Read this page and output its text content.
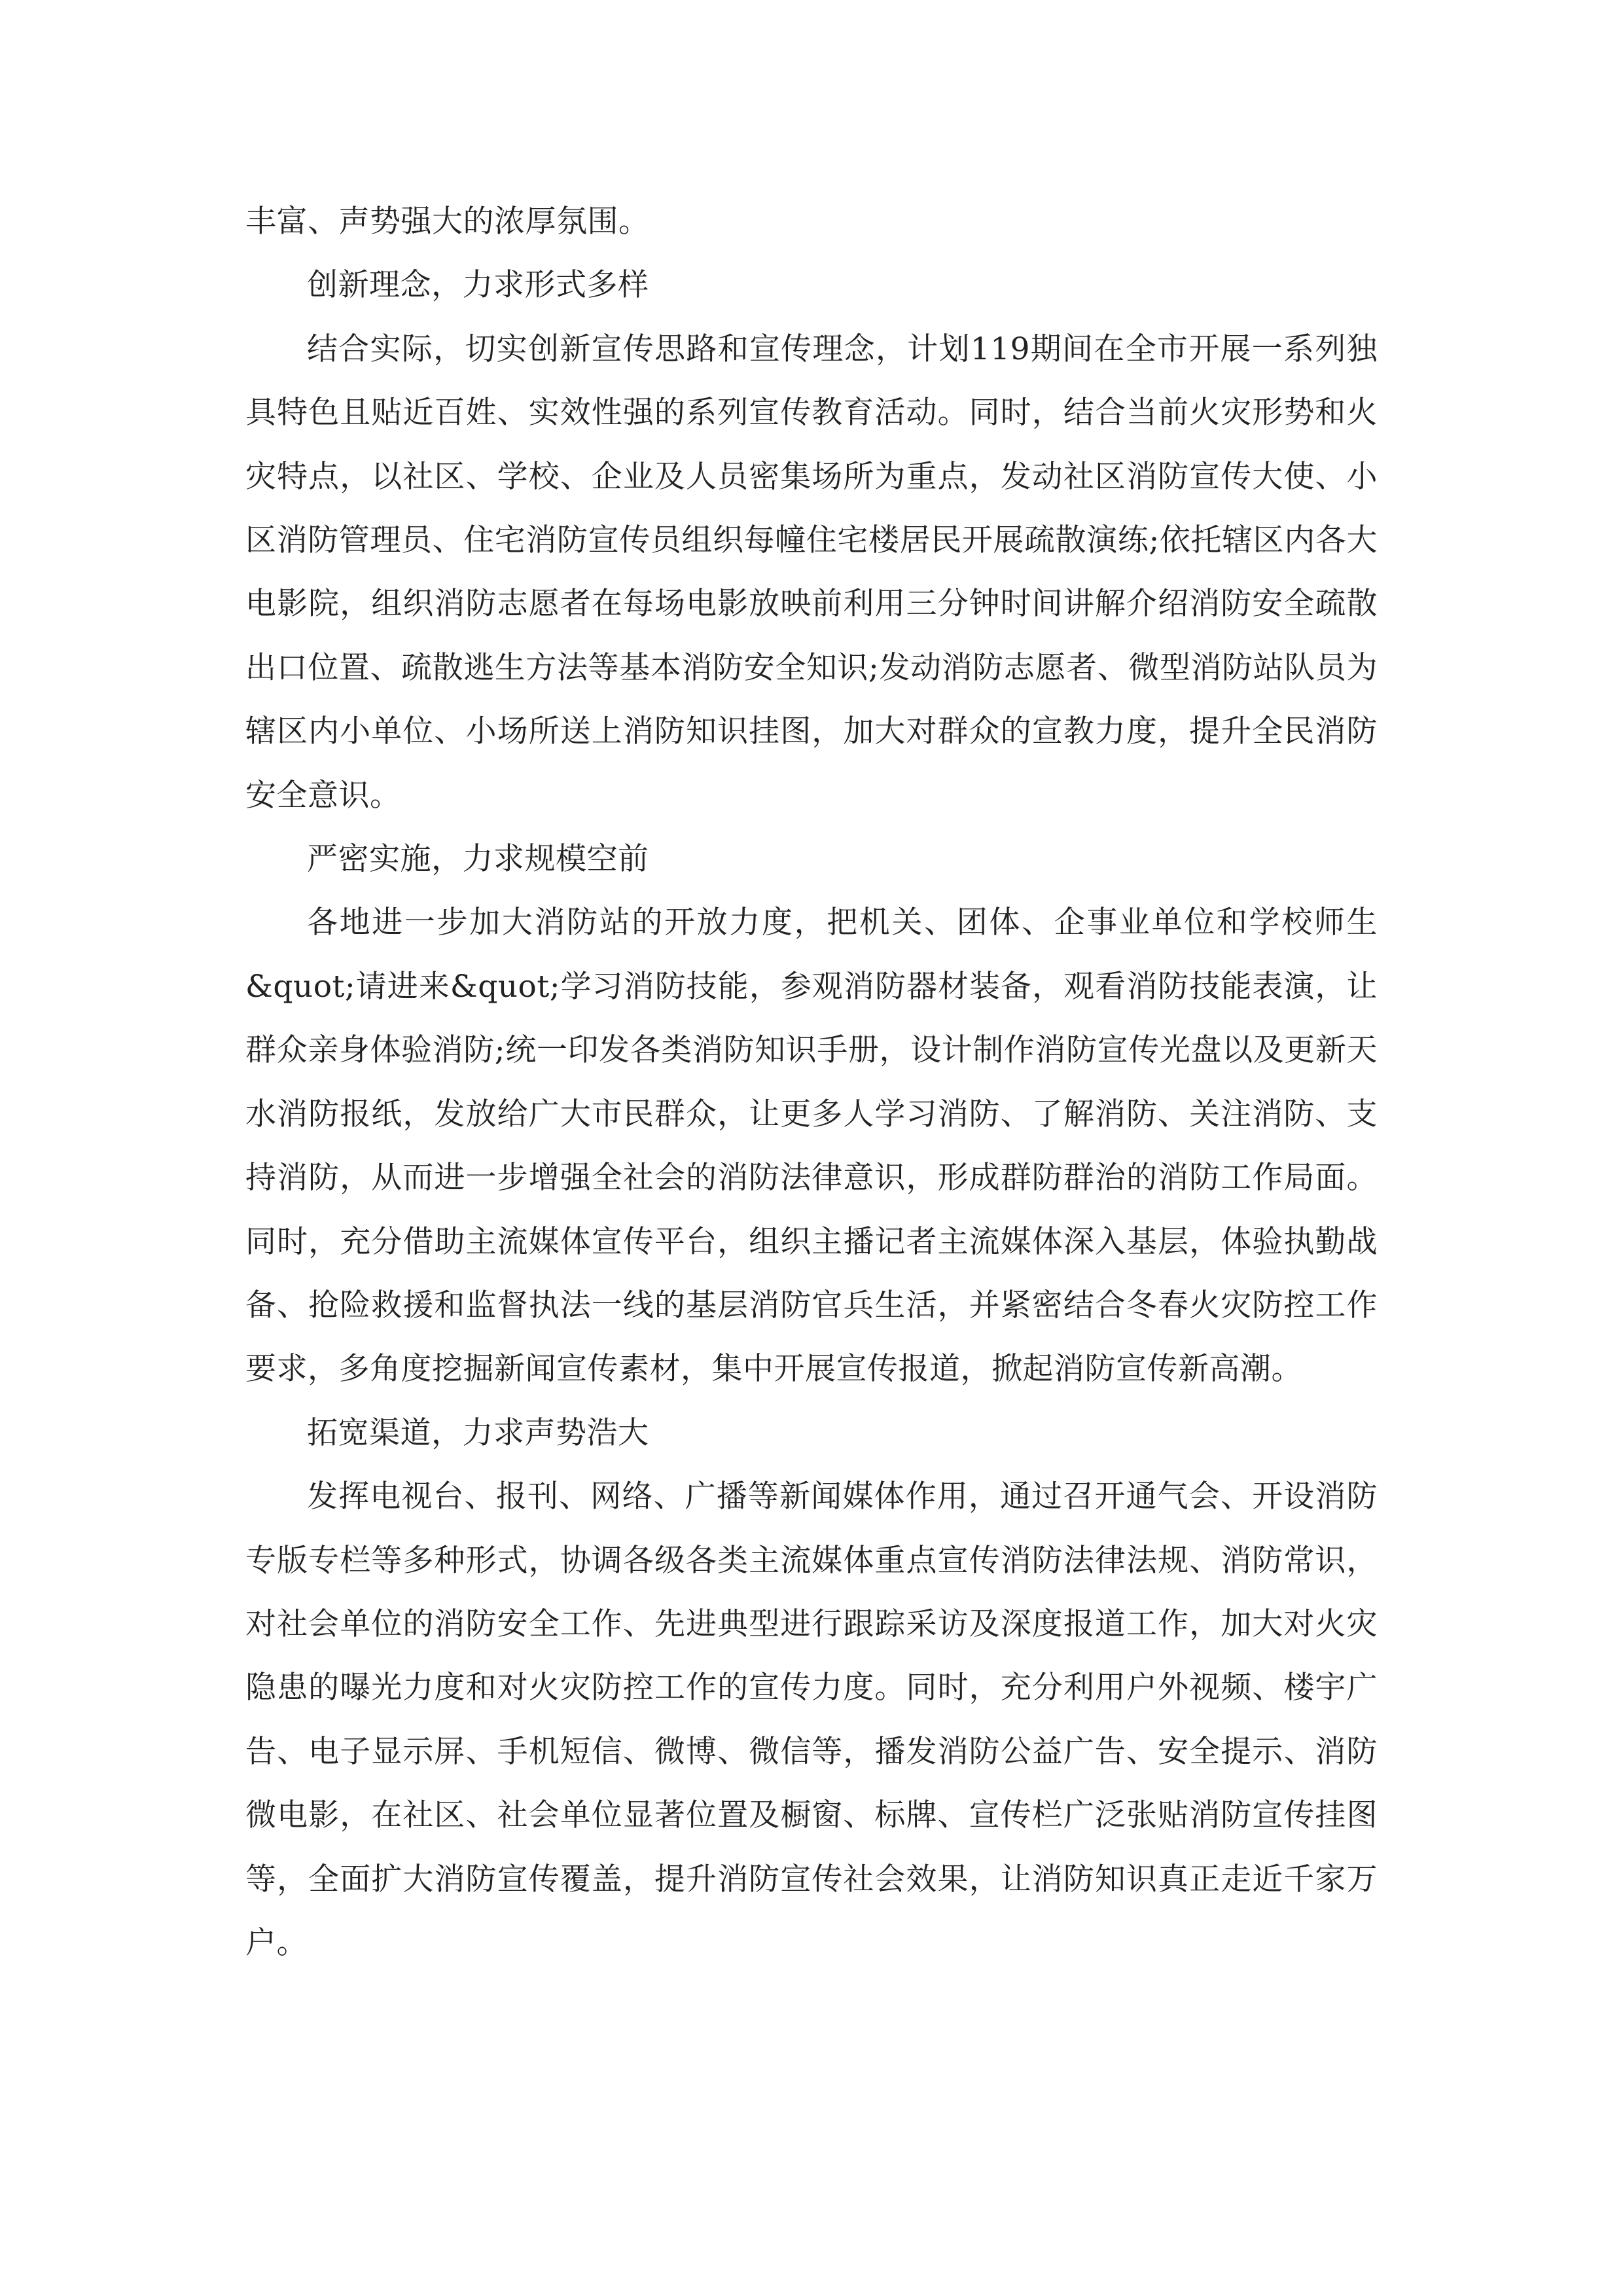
丰富、声势强大的浓厚氛围。

创新理念，力求形式多样

结合实际，切实创新宣传思路和宣传理念，计划119期间在全市开展一系列独具特色且贴近百姓、实效性强的系列宣传教育活动。同时，结合当前火灾形势和火灾特点，以社区、学校、企业及人员密集场所为重点，发动社区消防宣传大使、小区消防管理员、住宅消防宣传员组织每幢住宅楼居民开展疏散演练;依托辖区内各大电影院，组织消防志愿者在每场电影放映前利用三分钟时间讲解介绍消防安全疏散出口位置、疏散逃生方法等基本消防安全知识;发动消防志愿者、微型消防站队员为辖区内小单位、小场所送上消防知识挂图，加大对群众的宣教力度，提升全民消防安全意识。

严密实施，力求规模空前

各地进一步加大消防站的开放力度，把机关、团体、企事业单位和学校师生&quot;请进来&quot;学习消防技能，参观消防器材装备，观看消防技能表演，让群众亲身体验消防;统一印发各类消防知识手册，设计制作消防宣传光盘以及更新天水消防报纸，发放给广大市民群众，让更多人学习消防、了解消防、关注消防、支持消防，从而进一步增强全社会的消防法律意识，形成群防群治的消防工作局面。同时，充分借助主流媒体宣传平台，组织主播记者主流媒体深入基层，体验执勤战备、抢险救援和监督执法一线的基层消防官兵生活，并紧密结合冬春火灾防控工作要求，多角度挖掘新闻宣传素材，集中开展宣传报道，掀起消防宣传新高潮。

拓宽渠道，力求声势浩大

发挥电视台、报刊、网络、广播等新闻媒体作用，通过召开通气会、开设消防专版专栏等多种形式，协调各级各类主流媒体重点宣传消防法律法规、消防常识，对社会单位的消防安全工作、先进典型进行跟踪采访及深度报道工作，加大对火灾隐患的曝光力度和对火灾防控工作的宣传力度。同时，充分利用户外视频、楼宇广告、电子显示屏、手机短信、微博、微信等，播发消防公益广告、安全提示、消防微电影，在社区、社会单位显著位置及橱窗、标牌、宣传栏广泛张贴消防宣传挂图等，全面扩大消防宣传覆盖，提升消防宣传社会效果，让消防知识真正走近千家万户。
